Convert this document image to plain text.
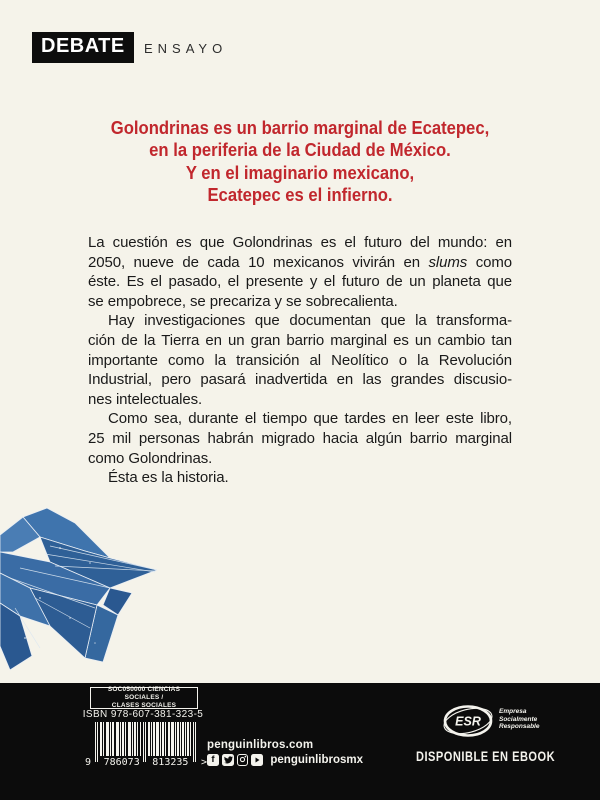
DEBATE	ENSAYO
Golondrinas es un barrio marginal de Ecatepec,
en la periferia de la Ciudad de México.
Y en el imaginario mexicano,
Ecatepec es el infierno.
La cuestión es que Golondrinas es el futuro del mundo: en
2050, nueve de cada 10 mexicanos vivirán en slums como
éste. Es el pasado, el presente y el futuro de un planeta que
se empobrece, se precariza y se sobrecalienta.
Hay investigaciones que documentan que la transforma-
ción de la Tierra en un gran barrio marginal es un cambio tan
importante como la transición al Neolítico o la Revolución
Industrial, pero pasará inadvertida en las grandes discusio-
nes intelectuales.
Como sea, durante el tiempo que tardes en leer este libro,
25 mil personas habrán migrado hacia algún barrio marginal
como Golondrinas.
Ésta es la historia.
SOC050000 CIENCIAS SOCIALES /
CLASES SOCIALES
ISBN 978-607-381-323-5
9 786073 813235 >
penguinlibros.com
f	penguinlibrosmx
ESR
Empresa
Socialmente
Responsable
DISPONIBLE EN EBOOK
